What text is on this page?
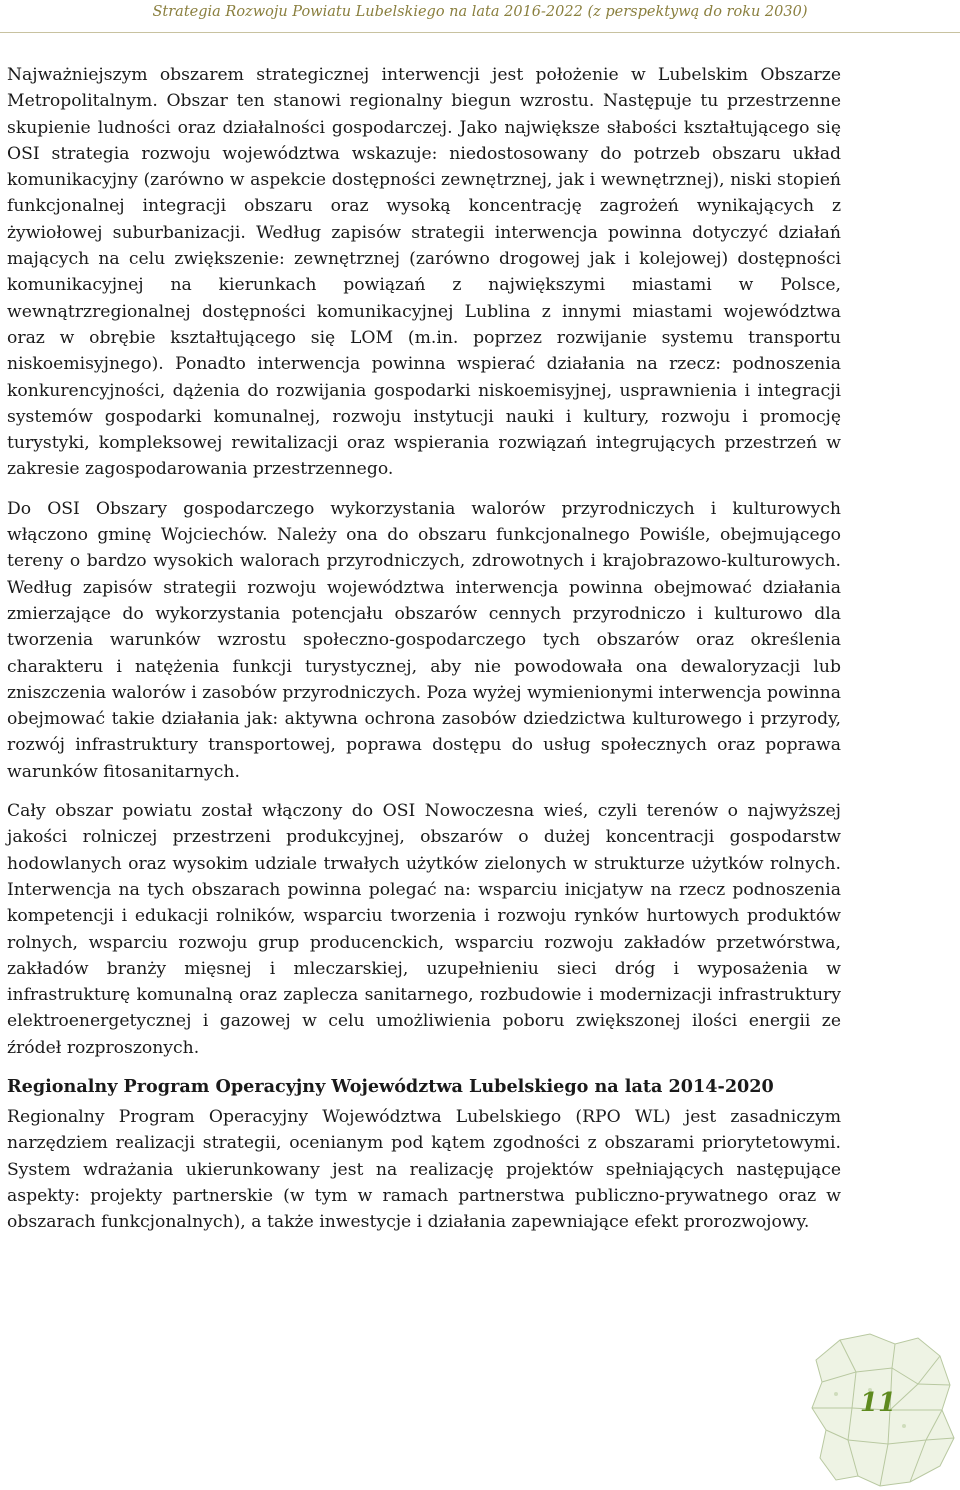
Strategia Rozwoju Powiatu Lubelskiego na lata 2016-2022 (z perspektywą do roku 2030)

Najważniejszym obszarem strategicznej interwencji jest położenie w Lubelskim Obszarze Metropolitalnym. Obszar ten stanowi regionalny biegun wzrostu. Następuje tu przestrzenne skupienie ludności oraz działalności gospodarczej. Jako największe słabości kształtującego się OSI strategia rozwoju województwa wskazuje: niedostosowany do potrzeb obszaru układ komunikacyjny (zarówno w aspekcie dostępności zewnętrznej, jak i wewnętrznej), niski stopień funkcjonalnej integracji obszaru oraz wysoką koncentrację zagrożeń wynikających z żywiołowej suburbanizacji. Według zapisów strategii interwencja powinna dotyczyć działań mających na celu zwiększenie: zewnętrznej (zarówno drogowej jak i kolejowej) dostępności komunikacyjnej na kierunkach powiązań z największymi miastami w Polsce, wewnątrzregionalnej dostępności komunikacyjnej Lublina z innymi miastami województwa oraz w obrębie kształtującego się LOM (m.in. poprzez rozwijanie systemu transportu niskoemisyjnego). Ponadto interwencja powinna wspierać działania na rzecz: podnoszenia konkurencyjności, dążenia do rozwijania gospodarki niskoemisyjnej, usprawnienia i integracji systemów gospodarki komunalnej, rozwoju instytucji nauki i kultury, rozwoju i promocję turystyki, kompleksowej rewitalizacji oraz wspierania rozwiązań integrujących przestrzeń w zakresie zagospodarowania przestrzennego.

Do OSI Obszary gospodarczego wykorzystania walorów przyrodniczych i kulturowych włączono gminę Wojciechów. Należy ona do obszaru funkcjonalnego Powiśle, obejmującego tereny o bardzo wysokich walorach przyrodniczych, zdrowotnych i krajobrazowo-kulturowych. Według zapisów strategii rozwoju województwa interwencja powinna obejmować działania zmierzające do wykorzystania potencjału obszarów cennych przyrodniczo i kulturowo dla tworzenia warunków wzrostu społeczno-gospodarczego tych obszarów oraz określenia charakteru i natężenia funkcji turystycznej, aby nie powodowała ona dewaloryzacji lub zniszczenia walorów i zasobów przyrodniczych. Poza wyżej wymienionymi interwencja powinna obejmować takie działania jak: aktywna ochrona zasobów dziedzictwa kulturowego i przyrody, rozwój infrastruktury transportowej, poprawa dostępu do usług społecznych oraz poprawa warunków fitosanitarnych.

Cały obszar powiatu został włączony do OSI Nowoczesna wieś, czyli terenów o najwyższej jakości rolniczej przestrzeni produkcyjnej, obszarów o dużej koncentracji gospodarstw hodowlanych oraz wysokim udziale trwałych użytków zielonych w strukturze użytków rolnych. Interwencja na tych obszarach powinna polegać na: wsparciu inicjatyw na rzecz podnoszenia kompetencji i edukacji rolników, wsparciu tworzenia i rozwoju rynków hurtowych produktów rolnych, wsparciu rozwoju grup producenckich, wsparciu rozwoju zakładów przetwórstwa, zakładów branży mięsnej i mleczarskiej, uzupełnieniu sieci dróg i wyposażenia w infrastrukturę komunalną oraz zaplecza sanitarnego, rozbudowie i modernizacji infrastruktury elektroenergetycznej i gazowej w celu umożliwienia poboru zwiększonej ilości energii ze źródeł rozproszonych.

Regionalny Program Operacyjny Województwa Lubelskiego na lata 2014-2020

Regionalny Program Operacyjny Województwa Lubelskiego (RPO WL) jest zasadniczym narzędziem realizacji strategii, ocenianym pod kątem zgodności z obszarami priorytetowymi. System wdrażania ukierunkowany jest na realizację projektów spełniających następujące aspekty: projekty partnerskie (w tym w ramach partnerstwa publiczno-prywatnego oraz w obszarach funkcjonalnych), a także inwestycje i działania zapewniające efekt prorozwojowy.

11
